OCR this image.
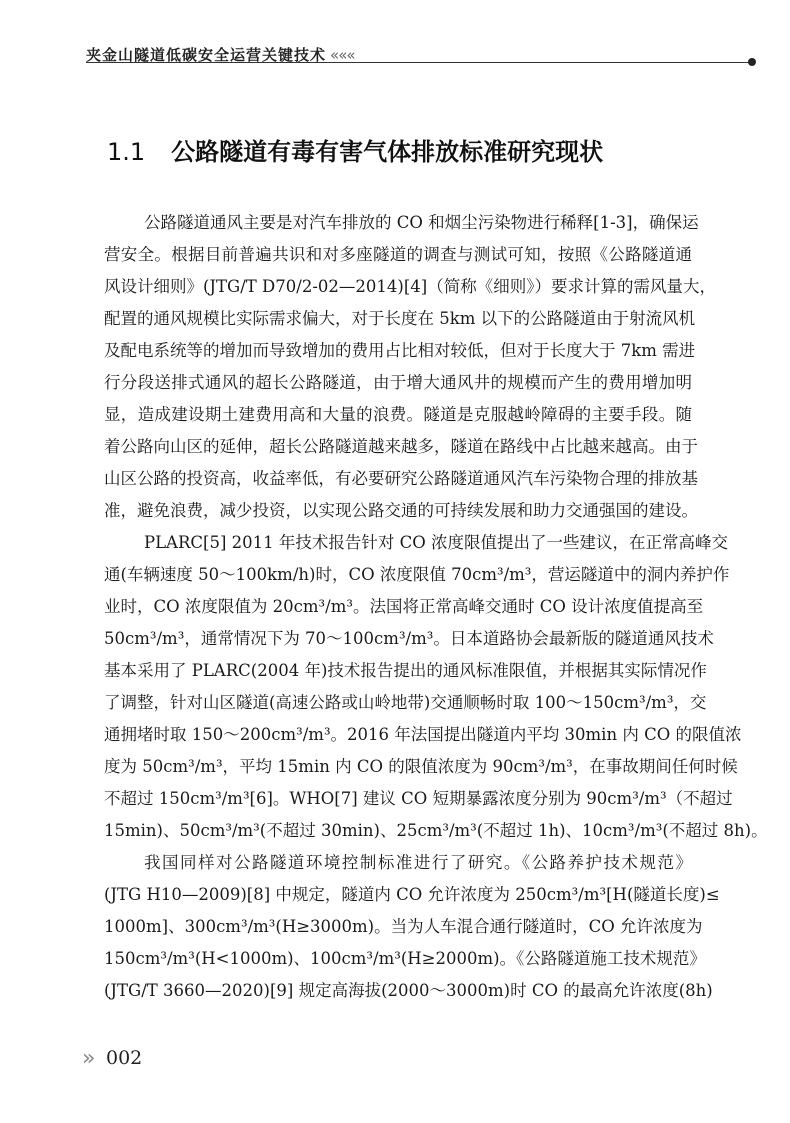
夹金山隧道低碳安全运营关键技术 «««
1.1 公路隧道有毒有害气体排放标准研究现状
公路隧道通风主要是对汽车排放的 CO 和烟尘污染物进行稀释[1-3]，确保运
营安全。根据目前普遍共识和对多座隧道的调查与测试可知，按照《公路隧道通
风设计细则》(JTG/T D70/2-02—2014)[4]（简称《细则》）要求计算的需风量大，
配置的通风规模比实际需求偏大，对于长度在 5km 以下的公路隧道由于射流风机
及配电系统等的增加而导致增加的费用占比相对较低，但对于长度大于 7km 需进
行分段送排式通风的超长公路隧道，由于增大通风井的规模而产生的费用增加明
显，造成建设期土建费用高和大量的浪费。隧道是克服越岭障碍的主要手段。随
着公路向山区的延伸，超长公路隧道越来越多，隧道在路线中占比越来越高。由于
山区公路的投资高，收益率低，有必要研究公路隧道通风汽车污染物合理的排放基
准，避免浪费，减少投资，以实现公路交通的可持续发展和助力交通强国的建设。
PLARC[5] 2011 年技术报告针对 CO 浓度限值提出了一些建议，在正常高峰交
通(车辆速度 50～100km/h)时，CO 浓度限值 70cm³/m³，营运隧道中的洞内养护作
业时，CO 浓度限值为 20cm³/m³。法国将正常高峰交通时 CO 设计浓度值提高至
50cm³/m³，通常情况下为 70～100cm³/m³。日本道路协会最新版的隧道通风技术
基本采用了 PLARC(2004 年)技术报告提出的通风标准限值，并根据其实际情况作
了调整，针对山区隧道(高速公路或山岭地带)交通顺畅时取 100～150cm³/m³，交
通拥堵时取 150～200cm³/m³。2016 年法国提出隧道内平均 30min 内 CO 的限值浓
度为 50cm³/m³，平均 15min 内 CO 的限值浓度为 90cm³/m³，在事故期间任何时候
不超过 150cm³/m³[6]。WHO[7] 建议 CO 短期暴露浓度分别为 90cm³/m³（不超过
15min)、50cm³/m³(不超过 30min)、25cm³/m³(不超过 1h)、10cm³/m³(不超过 8h)。
我国同样对公路隧道环境控制标准进行了研究。《公路养护技术规范》
(JTG H10—2009)[8] 中规定，隧道内 CO 允许浓度为 250cm³/m³[H(隧道长度)≤
1000m]、300cm³/m³(H≥3000m)。当为人车混合通行隧道时，CO 允许浓度为
150cm³/m³(H<1000m)、100cm³/m³(H≥2000m)。《公路隧道施工技术规范》
(JTG/T 3660—2020)[9] 规定高海拔(2000～3000m)时 CO 的最高允许浓度(8h)
» 002
